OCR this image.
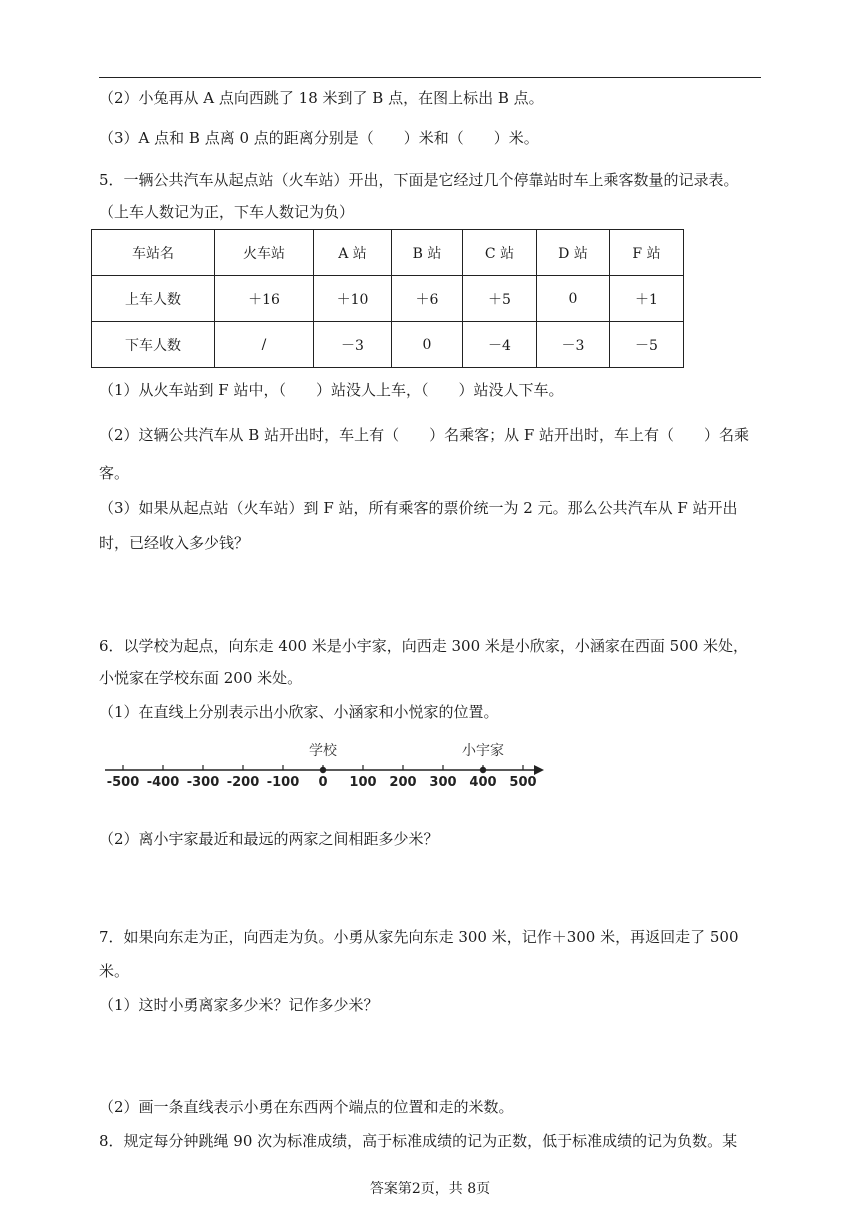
（2）小兔再从 A 点向西跳了 18 米到了 B 点，在图上标出 B 点。
（3）A 点和 B 点离 0 点的距离分别是（　　）米和（　　）米。
5．一辆公共汽车从起点站（火车站）开出，下面是它经过几个停靠站时车上乘客数量的记录表。
（上车人数记为正，下车人数记为负）
车站名	火车站	A 站	B 站	C 站	D 站	F 站
上车人数	＋16	＋10	＋6	＋5	0	＋1
下车人数	/	－3	0	－4	－3	－5
（1）从火车站到 F 站中，（　　）站没人上车，（　　）站没人下车。
（2）这辆公共汽车从 B 站开出时，车上有（　　）名乘客；从 F 站开出时，车上有（　　）名乘
客。
（3）如果从起点站（火车站）到 F 站，所有乘客的票价统一为 2 元。那么公共汽车从 F 站开出
时，已经收入多少钱？
6．以学校为起点，向东走 400 米是小宇家，向西走 300 米是小欣家，小涵家在西面 500 米处，
小悦家在学校东面 200 米处。
（1）在直线上分别表示出小欣家、小涵家和小悦家的位置。
-500 -400 -300 -200 -100 0 100 200 300 400 500
学校	小宇家
（2）离小宇家最近和最远的两家之间相距多少米？
7．如果向东走为正，向西走为负。小勇从家先向东走 300 米，记作＋300 米，再返回走了 500
米。
（1）这时小勇离家多少米？记作多少米？
（2）画一条直线表示小勇在东西两个端点的位置和走的米数。
8．规定每分钟跳绳 90 次为标准成绩，高于标准成绩的记为正数，低于标准成绩的记为负数。某
答案第2页，共 8页
